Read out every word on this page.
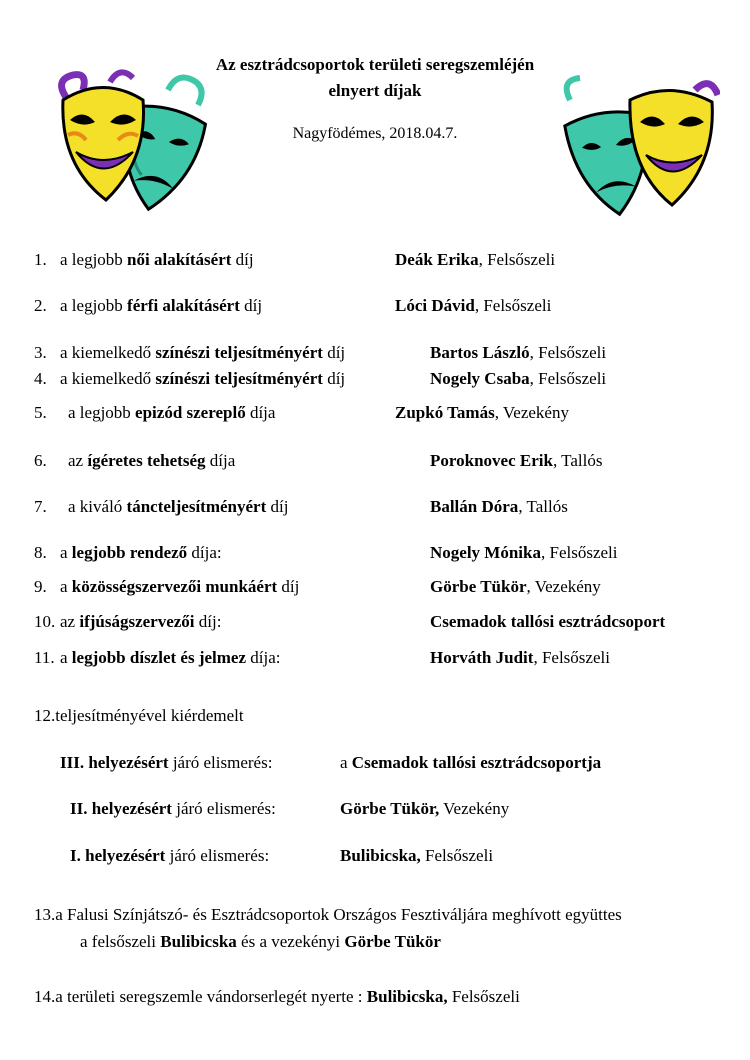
Az esztrádcsoportok területi seregszemléjén
elnyert díjak
Nagyfödémes, 2018.04.7.
1. a legjobb női alakításért díj	Deák Erika, Felsőszeli
2. a legjobb férfi alakításért díj	Lóci Dávid, Felsőszeli
3. a kiemelkedő színészi teljesítményért díj	Bartos László, Felsőszeli
4. a kiemelkedő színészi teljesítményért díj	Nogely Csaba, Felsőszeli
5. a legjobb epizód szereplő díja	Zupkó Tamás, Vezekény
6. az ígéretes tehetség díja	Poroknovec Erik, Tallós
7. a kiváló táncteljesítményért díj	Ballán Dóra, Tallós
8. a legjobb rendező díja:	Nogely Mónika, Felsőszeli
9. a közösségszervezői munkáért díj	Görbe Tükör, Vezekény
10. az ifjúságszervezői díj:	Csemadok tallósi esztrádcsoport
11. a legjobb díszlet és jelmez díja:	Horváth Judit, Felsőszeli
12.teljesítményével kiérdemelt
III. helyezésért járó elismerés:	a Csemadok tallósi esztrádcsoportja
II. helyezésért járó elismerés:	Görbe Tükör, Vezekény
I. helyezésért járó elismerés:	Bulibicska, Felsőszeli
13.a Falusi Színjátszó- és Esztrádcsoportok Országos Fesztiváljára meghívott együttes
a felsőszeli Bulibicska és a vezekényi Görbe Tükör
14.a területi seregszemle vándorserlegét nyerte : Bulibicska, Felsőszeli
